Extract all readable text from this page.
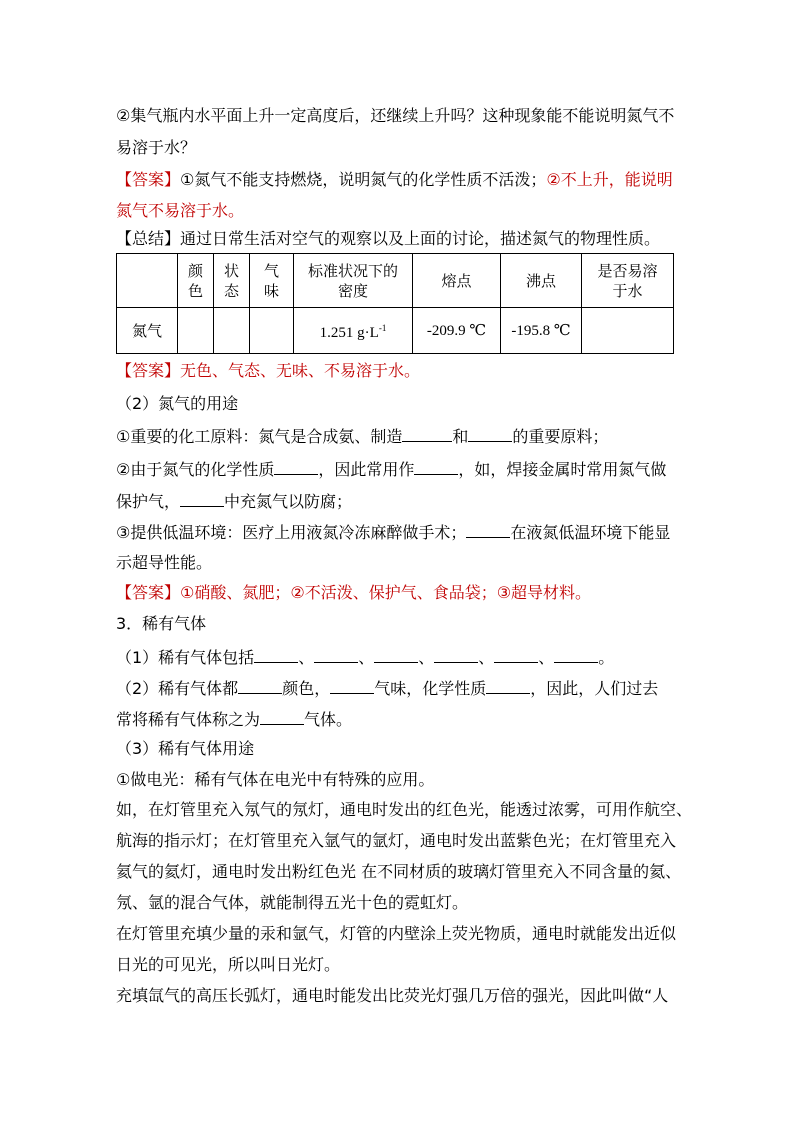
②集气瓶内水平面上升一定高度后，还继续上升吗？这种现象能不能说明氮气不
易溶于水？
【答案】①氮气不能支持燃烧，说明氮气的化学性质不活泼；②不上升，能说明
氮气不易溶于水。
【总结】通过日常生活对空气的观察以及上面的讨论，描述氮气的物理性质。
	颜
色	状
态	气
味	标准状况下的
密度	熔点	沸点	是否易溶
于水
氮气				1.251 $g\cdot L^{-1}$	-209.9 ℃	-195.8 ℃	
【答案】无色、气态、无味、不易溶于水。
（2）氮气的用途
①重要的化工原料：氮气是合成氨、制造	和	的重要原料；
②由于氮气的化学性质	，因此常用作	，如，焊接金属时常用氮气做
保护气，	中充氮气以防腐；
③提供低温环境：医疗上用液氮冷冻麻醉做手术；	在液氮低温环境下能显
示超导性能。
【答案】①硝酸、氮肥；②不活泼、保护气、食品袋；③超导材料。
3．稀有气体
（1）稀有气体包括	、	、	、	、	、	。
（2）稀有气体都	颜色，	气味，化学性质	，因此，人们过去
常将稀有气体称之为	气体。
（3）稀有气体用途
①做电光：稀有气体在电光中有特殊的应用。
如，在灯管里充入氖气的氖灯，通电时发出的红色光，能透过浓雾，可用作航空、
航海的指示灯；在灯管里充入氩气的氩灯，通电时发出蓝紫色光；在灯管里充入
氦气的氦灯，通电时发出粉红色光 在不同材质的玻璃灯管里充入不同含量的氦、
氖、氩的混合气体，就能制得五光十色的霓虹灯。
在灯管里充填少量的汞和氩气，灯管的内壁涂上荧光物质，通电时就能发出近似
日光的可见光，所以叫日光灯。
充填氙气的高压长弧灯，通电时能发出比荧光灯强几万倍的强光，因此叫做“人
